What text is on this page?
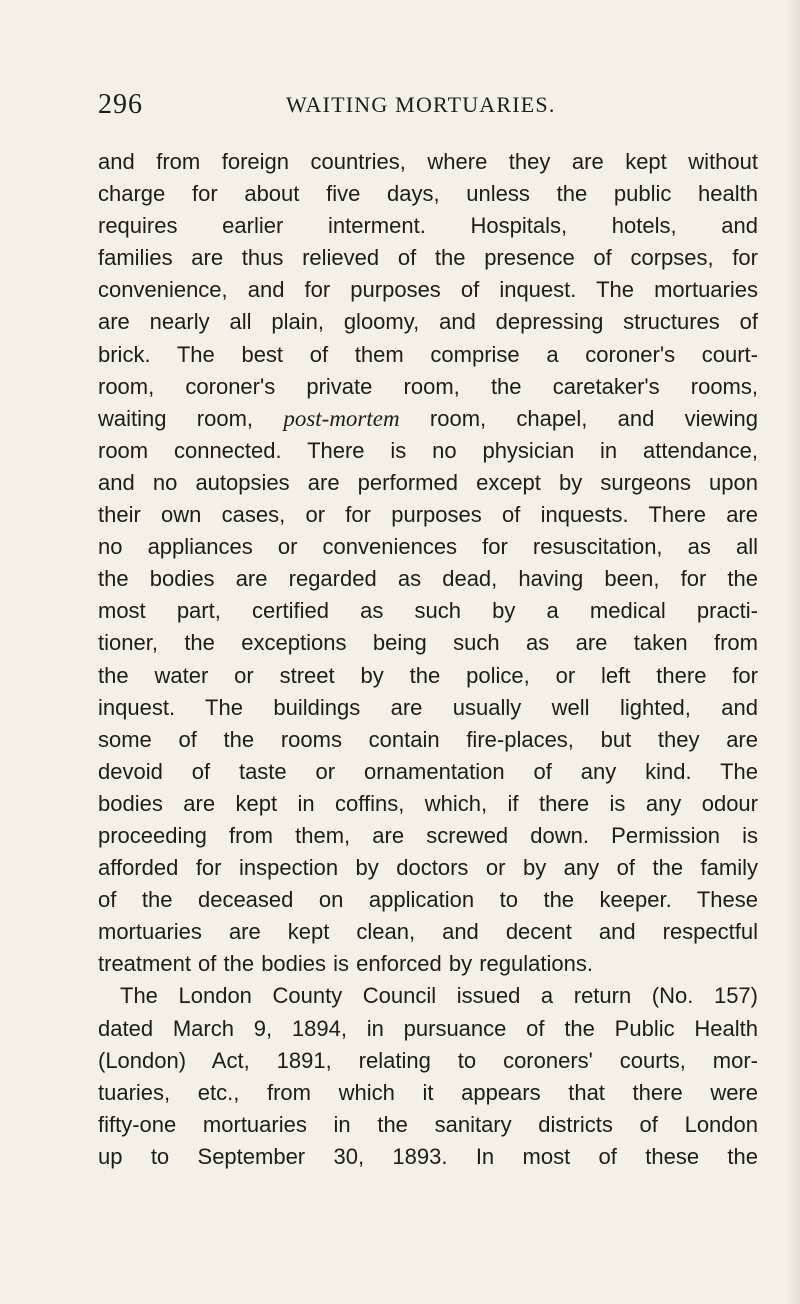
296	WAITING MORTUARIES.
and from foreign countries, where they are kept without
charge for about five days, unless the public health
requires earlier interment. Hospitals, hotels, and
families are thus relieved of the presence of corpses, for
convenience, and for purposes of inquest. The mortuaries
are nearly all plain, gloomy, and depressing structures of
brick. The best of them comprise a coroner's court-
room, coroner's private room, the caretaker's rooms,
waiting room, post-mortem room, chapel, and viewing
room connected. There is no physician in attendance,
and no autopsies are performed except by surgeons upon
their own cases, or for purposes of inquests. There are
no appliances or conveniences for resuscitation, as all
the bodies are regarded as dead, having been, for the
most part, certified as such by a medical practi-
tioner, the exceptions being such as are taken from
the water or street by the police, or left there for
inquest. The buildings are usually well lighted, and
some of the rooms contain fire-places, but they are
devoid of taste or ornamentation of any kind. The
bodies are kept in coffins, which, if there is any odour
proceeding from them, are screwed down. Permission is
afforded for inspection by doctors or by any of the family
of the deceased on application to the keeper. These
mortuaries are kept clean, and decent and respectful
treatment of the bodies is enforced by regulations.
The London County Council issued a return (No. 157)
dated March 9, 1894, in pursuance of the Public Health
(London) Act, 1891, relating to coroners' courts, mor-
tuaries, etc., from which it appears that there were
fifty-one mortuaries in the sanitary districts of London
up to September 30, 1893. In most of these the
